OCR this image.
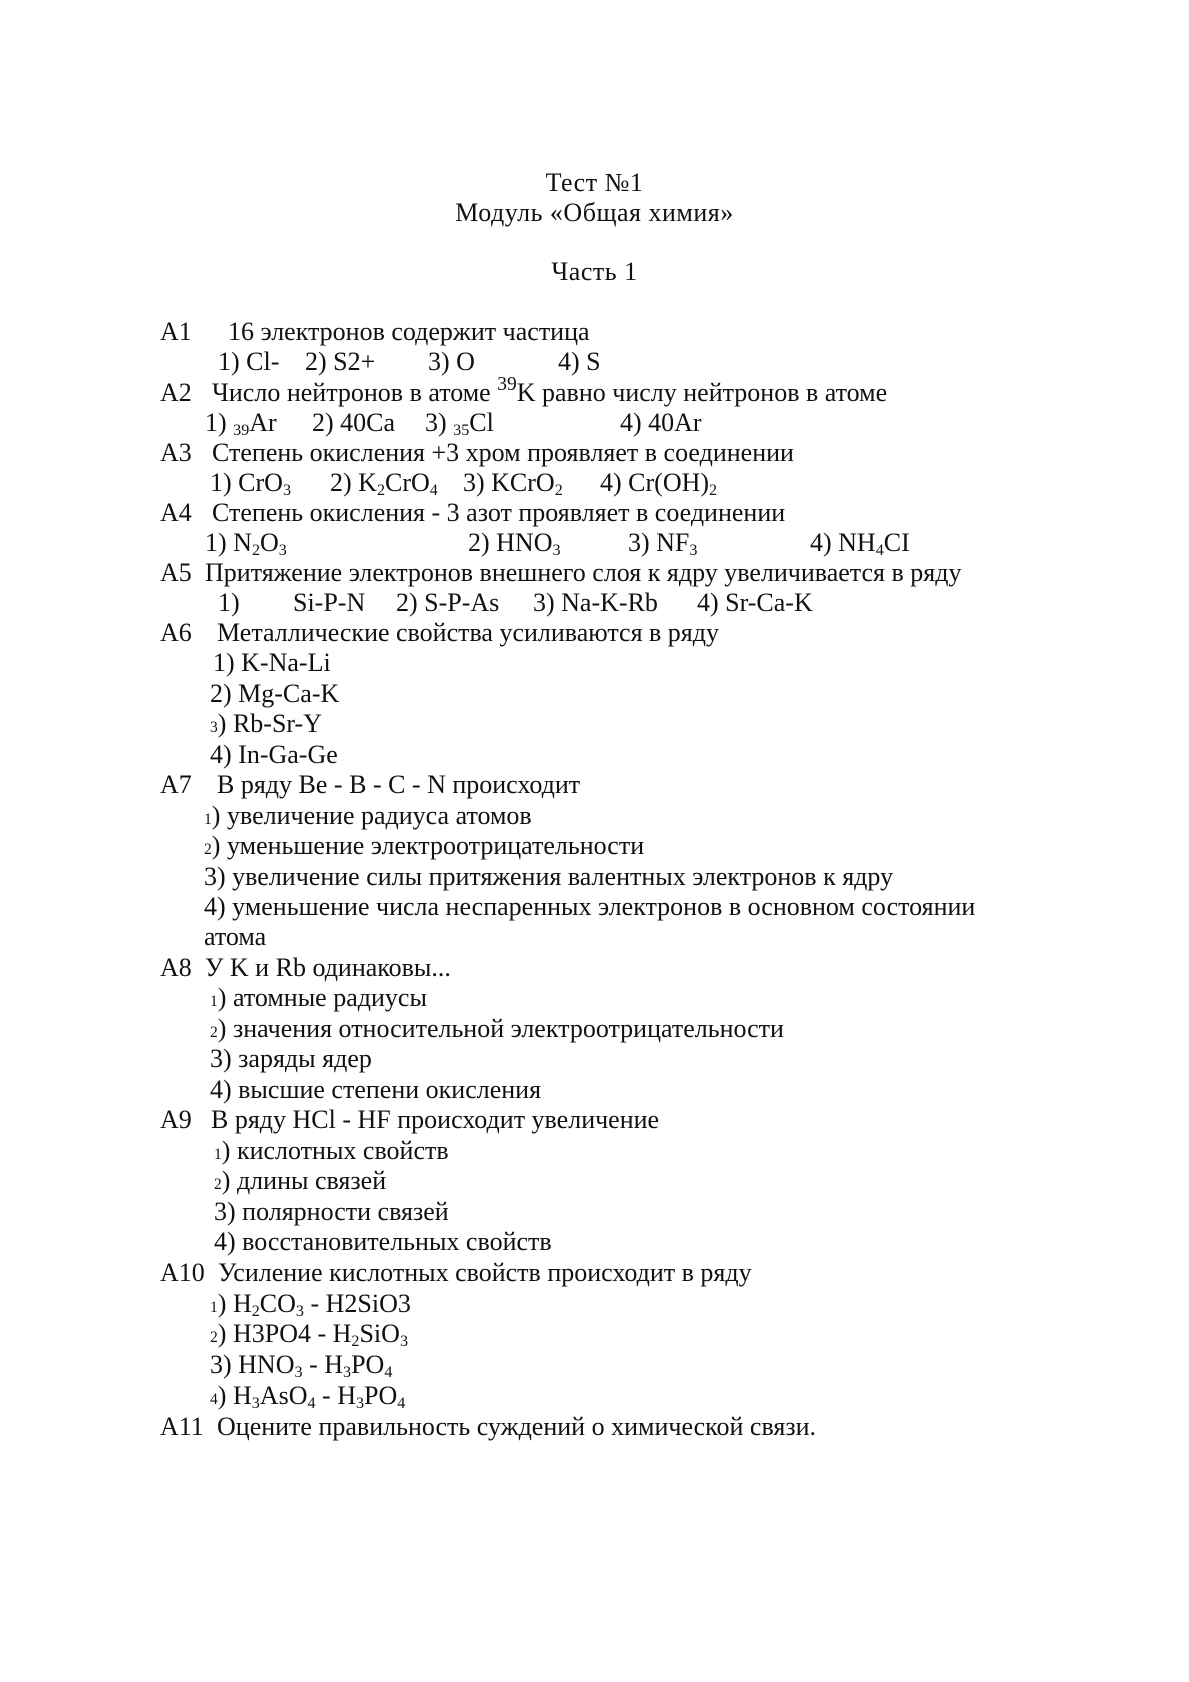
Тест №1
Модуль «Общая химия»
Часть 1
А1 16 электронов содержит частица
1) Cl- 2) S2+ 3) O	4) S
А2 Число нейтронов в атоме $^{39}$K равно числу нейтронов в атоме
1) $_{39}$Ar 2) 40Ca 3) $_{35}$Cl	4) 40Ar
А3 Степень окисления +3 хром проявляет в соединении
1) CrO$_3$ 2) $K_2CrO_4$ 3) KCrO$_2$ 4) $Cr(OH)_2$
А4 Степень окисления - 3 азот проявляет в соединении
1) $N_2O_3$	2) $HNO_3$	3) $NF_3$	4) $NH_4CI$
А5 Притяжение электронов внешнего слоя к ядру увеличивается в ряду
1) Si-P-N 2) S-P-As 3) Na-K-Rb 4) Sr-Ca-K
А6 Металлические свойства усиливаются в ряду
1) K-Na-Li
2) Mg-Ca-K
3) Rb-Sr-Y
4) In-Ga-Ge
А7 В ряду Be - B - C - N происходит
1) увеличение радиуса атомов
2) уменьшение электроотрицательности
3) увеличение силы притяжения валентных электронов к ядру
4) уменьшение числа неспаренных электронов в основном состоянии
атома
А8 У K и Rb одинаковы...
1) атомные радиусы
2) значения относительной электроотрицательности
3) заряды ядер
4) высшие степени окисления
А9 В ряду HCl - HF происходит увеличение
1) кислотных свойств
2) длины связей
3) полярности связей
4) восстановительных свойств
А10 Усиление кислотных свойств происходит в ряду
1) $H_2CO_3 - H2SiO3$
2) $H3PO4 - H_2SiO_3$
3) $HNO_3 - H_3PO_4$
4) $H_3AsO_4 - H_3PO_4$
А11 Оцените правильность суждений о химической связи.
